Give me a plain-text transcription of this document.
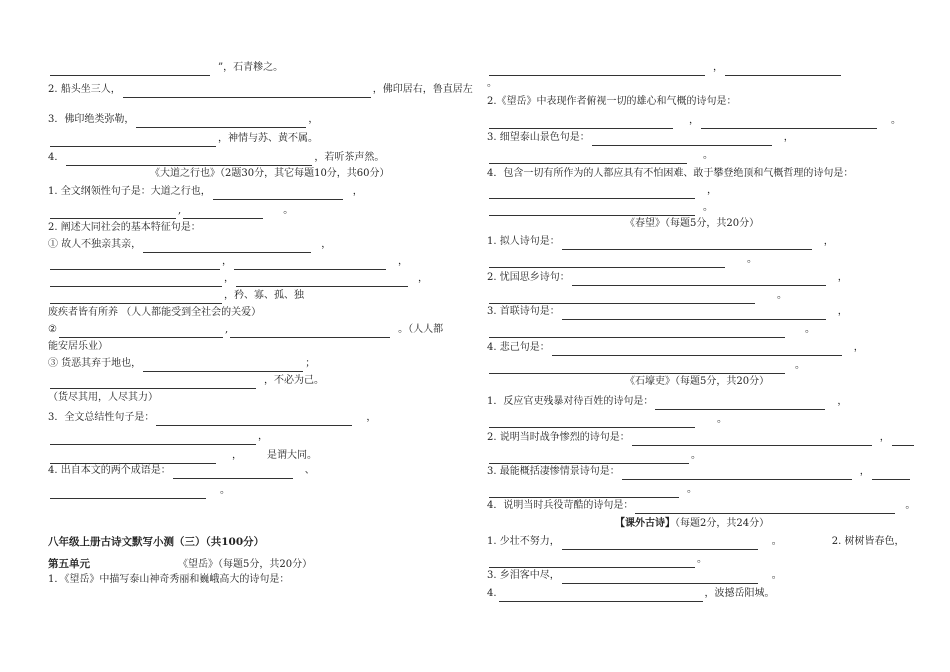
”，石青糁之。
2. 船头坐三人，	，佛印居右，鲁直居左
3．佛印绝类弥勒，	，
，神情与苏、黄不属。
4．	，若听茶声然。
《大道之行也》（2题30分，其它每题10分，共60分）
1. 全文纲领性句子是：大道之行也，	，
,	。
2. 阐述大同社会的基本特征句是：
① 故人不独亲其亲，	，
，	，
，	，
，矜、寡、孤、独
废疾者皆有所养 （人人都能受到全社会的关爱）
②	,	。（人人都
能安居乐业）
③ 货恶其弃于地也，	；
，不必为己。
（货尽其用，人尽其力）
3．全文总结性句子是：	，
，
，　　　是谓大同。
4. 出自本文的两个成语是：	、
。
八年级上册古诗文默写小测（三）（共100分）
第五单元	《望岳》（每题5分，共20分）
1．《望岳》中描写泰山神奇秀丽和巍峨高大的诗句是：
，
。
2.《望岳》中表现作者俯视一切的雄心和气概的诗句是：
，	。
3. 细望泰山景色句是：	，
。
4．包含一切有所作为的人都应具有不怕困难、敢于攀登绝顶和气概哲理的诗句是：
，
。
《春望》（每题5分，共20分）
1. 拟人诗句是：	，
。
2. 忧国思乡诗句：	，
。
3. 首联诗句是：	，
。
4. 悲己句是：	，
。
《石壕吏》（每题5分，共20分）
1．反应官吏残暴对待百姓的诗句是：	，
。
2. 说明当时战争惨烈的诗句是：	，
。
3. 最能概括凄惨情景诗句是：	，
。
4．说明当时兵役苛酷的诗句是：	。
【课外古诗】（每题2分，共24分）
1. 少壮不努力，	。	2. 树树皆春色，
。
3. 乡泪客中尽，	。
4.	，波撼岳阳城。
